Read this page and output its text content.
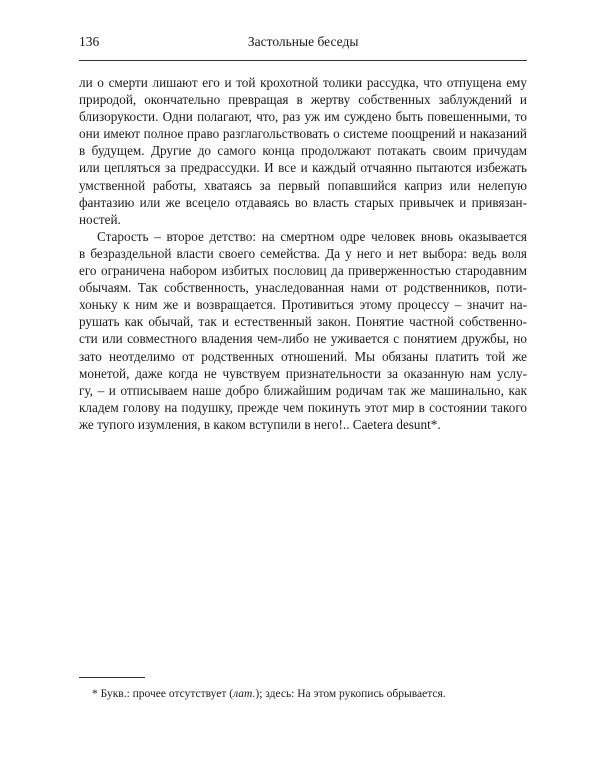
136	Застольные беседы

ли о смерти лишают его и той крохотной толики рассудка, что отпущена ему
природой, окончательно превращая в жертву собственных заблуждений и
близорукости. Одни полагают, что, раз уж им суждено быть повешенными, то
они имеют полное право разглагольствовать о системе поощрений и наказаний
в будущем. Другие до самого конца продолжают потакать своим причудам
или цепляться за предрассудки. И все и каждый отчаянно пытаются избежать
умственной работы, хватаясь за первый попавшийся каприз или нелепую
фантазию или же всецело отдаваясь во власть старых привычек и привязан-
ностей.

Старость – второе детство: на смертном одре человек вновь оказывается
в безраздельной власти своего семейства. Да у него и нет выбора: ведь воля
его ограничена набором избитых пословиц да приверженностью стародавним
обычаям. Так собственность, унаследованная нами от родственников, поти-
хоньку к ним же и возвращается. Противиться этому процессу – значит на-
рушать как обычай, так и естественный закон. Понятие частной собственно-
сти или совместного владения чем-либо не уживается с понятием дружбы, но
зато неотделимо от родственных отношений. Мы обязаны платить той же
монетой, даже когда не чувствуем признательности за оказанную нам услу-
гу, – и отписываем наше добро ближайшим родичам так же машинально, как
кладем голову на подушку, прежде чем покинуть этот мир в состоянии такого
же тупого изумления, в каком вступили в него!.. Caetera desunt*.

* Букв.: прочее отсутствует (лат.); здесь: На этом рукопись обрывается.
